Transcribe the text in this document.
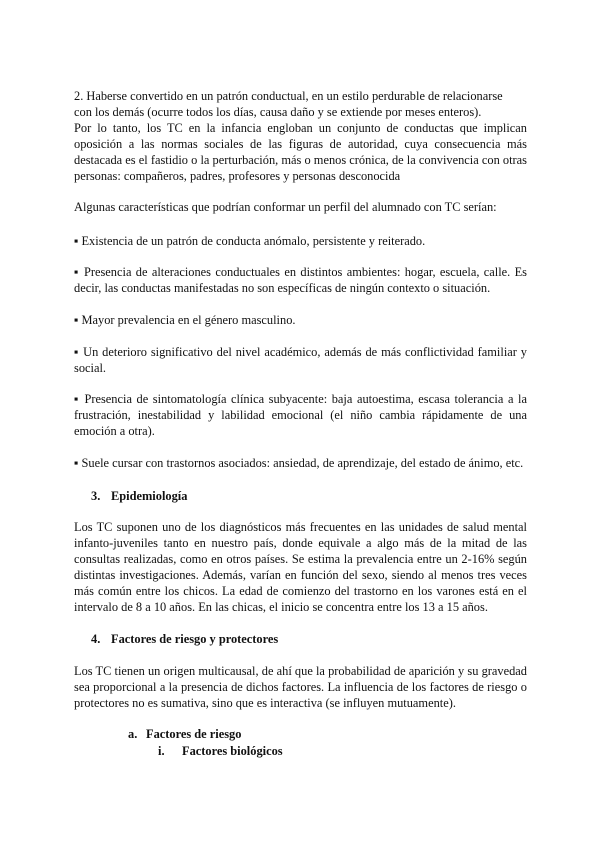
2. Haberse convertido en un patrón conductual, en un estilo perdurable de relacionarse

con los demás (ocurre todos los días, causa daño y se extiende por meses enteros).

Por lo tanto, los TC en la infancia engloban un conjunto de conductas que implican oposición a las normas sociales de las figuras de autoridad, cuya consecuencia más destacada es el fastidio o la perturbación, más o menos crónica, de la convivencia con otras personas: compañeros, padres, profesores y personas desconocida

Algunas características que podrían conformar un perfil del alumnado con TC serían:

▪ Existencia de un patrón de conducta anómalo, persistente y reiterado.

▪ Presencia de alteraciones conductuales en distintos ambientes: hogar, escuela, calle. Es decir, las conductas manifestadas no son específicas de ningún contexto o situación.

▪ Mayor prevalencia en el género masculino.

▪ Un deterioro significativo del nivel académico, además de más conflictividad familiar y social.

▪ Presencia de sintomatología clínica subyacente: baja autoestima, escasa tolerancia a la frustración, inestabilidad y labilidad emocional (el niño cambia rápidamente de una emoción a otra).

▪ Suele cursar con trastornos asociados: ansiedad, de aprendizaje, del estado de ánimo, etc.

3. Epidemiología

Los TC suponen uno de los diagnósticos más frecuentes en las unidades de salud mental infanto-juveniles tanto en nuestro país, donde equivale a algo más de la mitad de las consultas realizadas, como en otros países. Se estima la prevalencia entre un 2-16% según distintas investigaciones. Además, varían en función del sexo, siendo al menos tres veces más común entre los chicos. La edad de comienzo del trastorno en los varones está en el intervalo de 8 a 10 años. En las chicas, el inicio se concentra entre los 13 a 15 años.

4. Factores de riesgo y protectores

Los TC tienen un origen multicausal, de ahí que la probabilidad de aparición y su gravedad sea proporcional a la presencia de dichos factores. La influencia de los factores de riesgo o protectores no es sumativa, sino que es interactiva (se influyen mutuamente).

a. Factores de riesgo

i. Factores biológicos
